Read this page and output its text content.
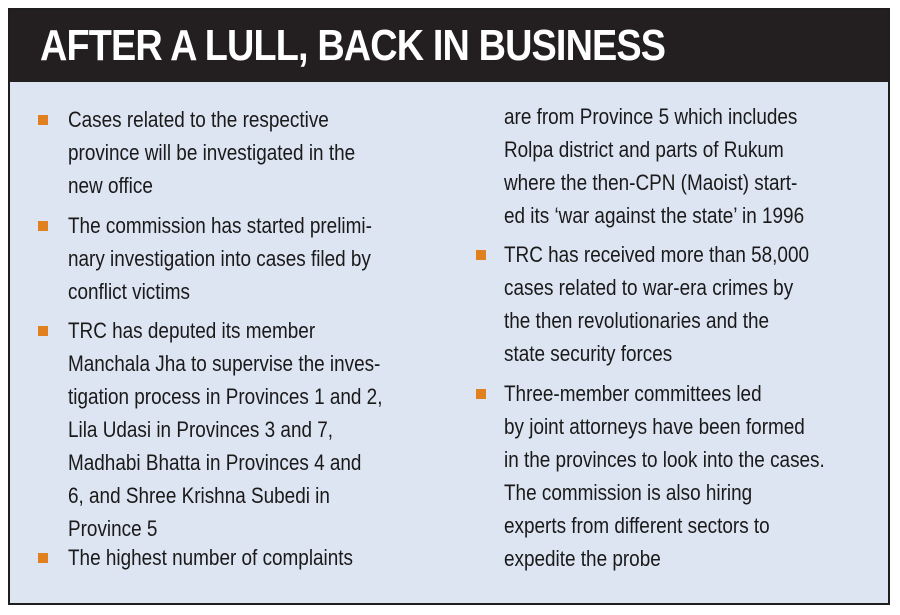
AFTER A LULL, BACK IN BUSINESS
Cases related to the respective
province will be investigated in the
new office
The commission has started prelimi-
nary investigation into cases filed by
conflict victims
TRC has deputed its member
Manchala Jha to supervise the inves-
tigation process in Provinces 1 and 2,
Lila Udasi in Provinces 3 and 7,
Madhabi Bhatta in Provinces 4 and
6, and Shree Krishna Subedi in
Province 5
The highest number of complaints
are from Province 5 which includes
Rolpa district and parts of Rukum
where the then-CPN (Maoist) start-
ed its ‘war against the state’ in 1996
TRC has received more than 58,000
cases related to war-era crimes by
the then revolutionaries and the
state security forces
Three-member committees led
by joint attorneys have been formed
in the provinces to look into the cases.
The commission is also hiring
experts from different sectors to
expedite the probe
